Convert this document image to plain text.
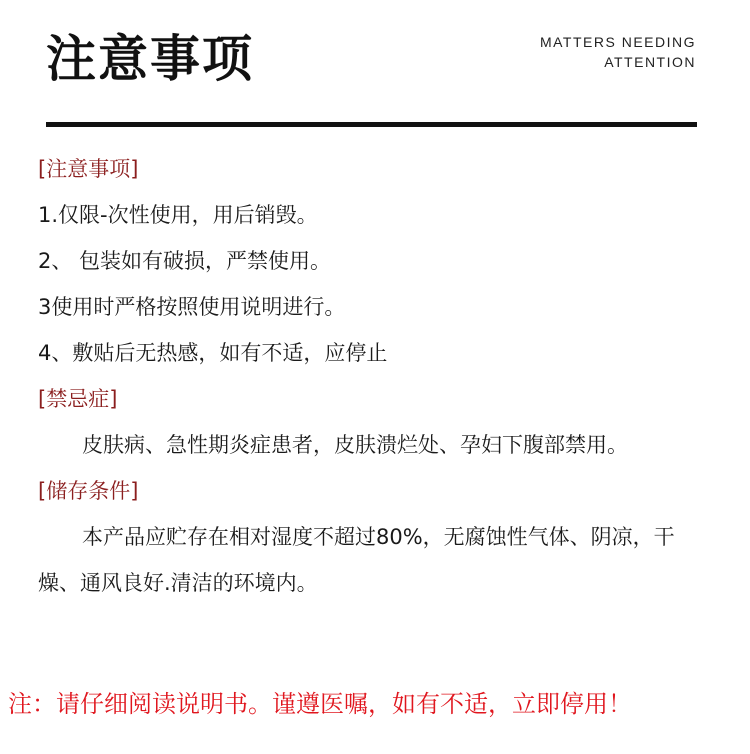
注意事项	MATTERS NEEDING
ATTENTION
[注意事项]
1.仅限-次性使用，用后销毁。
2、 包装如有破损，严禁使用。
3使用时严格按照使用说明进行。
4、敷贴后无热感，如有不适，应停止
[禁忌症]
皮肤病、急性期炎症患者，皮肤溃烂处、孕妇下腹部禁用。
[储存条件]
本产品应贮存在相对湿度不超过80%，无腐蚀性气体、阴凉，干燥、通风良好.清洁的环境内。
注：请仔细阅读说明书。谨遵医嘱，如有不适，立即停用！
